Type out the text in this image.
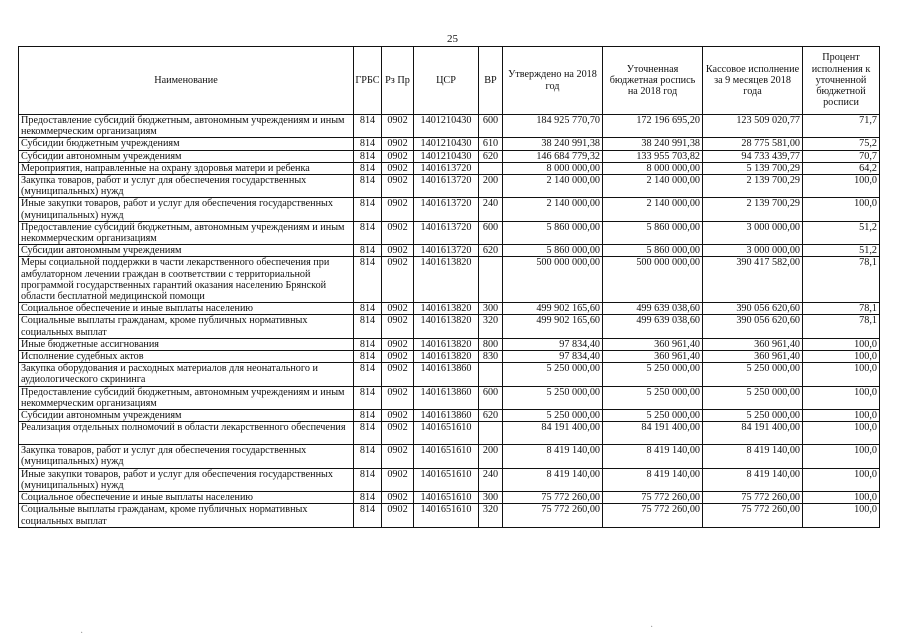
25
Наименование	ГРБС	Рз Пр	ЦСР	ВР	Утверждено на 2018 год	Уточненная бюджетная роспись на 2018 год	Кассовое исполнение за 9 месяцев 2018 года	Процент исполнения к уточненной бюджетной росписи
Предоставление субсидий бюджетным, автономным учреждениям и иным некоммерческим организациям	814	0902	1401210430	600	184 925 770,70	172 196 695,20	123 509 020,77	71,7
Субсидии бюджетным учреждениям	814	0902	1401210430	610	38 240 991,38	38 240 991,38	28 775 581,00	75,2
Субсидии автономным учреждениям	814	0902	1401210430	620	146 684 779,32	133 955 703,82	94 733 439,77	70,7
Мероприятия, направленные на охрану здоровья матери и ребенка	814	0902	1401613720		8 000 000,00	8 000 000,00	5 139 700,29	64,2
Закупка товаров, работ и услуг для обеспечения государственных (муниципальных) нужд	814	0902	1401613720	200	2 140 000,00	2 140 000,00	2 139 700,29	100,0
Иные закупки товаров, работ и услуг для обеспечения государственных (муниципальных) нужд	814	0902	1401613720	240	2 140 000,00	2 140 000,00	2 139 700,29	100,0
Предоставление субсидий бюджетным, автономным учреждениям и иным некоммерческим организациям	814	0902	1401613720	600	5 860 000,00	5 860 000,00	3 000 000,00	51,2
Субсидии автономным учреждениям	814	0902	1401613720	620	5 860 000,00	5 860 000,00	3 000 000,00	51,2
Меры социальной поддержки в части лекарственного обеспечения при амбулаторном лечении граждан в соответствии с территориальной программой государственных гарантий оказания населению Брянской области бесплатной медицинской помощи	814	0902	1401613820		500 000 000,00	500 000 000,00	390 417 582,00	78,1
Социальное обеспечение и иные выплаты населению	814	0902	1401613820	300	499 902 165,60	499 639 038,60	390 056 620,60	78,1
Социальные выплаты гражданам, кроме публичных нормативных социальных выплат	814	0902	1401613820	320	499 902 165,60	499 639 038,60	390 056 620,60	78,1
Иные бюджетные ассигнования	814	0902	1401613820	800	97 834,40	360 961,40	360 961,40	100,0
Исполнение судебных актов	814	0902	1401613820	830	97 834,40	360 961,40	360 961,40	100,0
Закупка оборудования и расходных материалов для неонатального и аудиологического скрининга	814	0902	1401613860		5 250 000,00	5 250 000,00	5 250 000,00	100,0
Предоставление субсидий бюджетным, автономным учреждениям и иным некоммерческим организациям	814	0902	1401613860	600	5 250 000,00	5 250 000,00	5 250 000,00	100,0
Субсидии автономным учреждениям	814	0902	1401613860	620	5 250 000,00	5 250 000,00	5 250 000,00	100,0
Реализация отдельных полномочий в области лекарственного обеспечения	814	0902	1401651610		84 191 400,00	84 191 400,00	84 191 400,00	100,0
Закупка товаров, работ и услуг для обеспечения государственных (муниципальных) нужд	814	0902	1401651610	200	8 419 140,00	8 419 140,00	8 419 140,00	100,0
Иные закупки товаров, работ и услуг для обеспечения государственных (муниципальных) нужд	814	0902	1401651610	240	8 419 140,00	8 419 140,00	8 419 140,00	100,0
Социальное обеспечение и иные выплаты населению	814	0902	1401651610	300	75 772 260,00	75 772 260,00	75 772 260,00	100,0
Социальные выплаты гражданам, кроме публичных нормативных социальных выплат	814	0902	1401651610	320	75 772 260,00	75 772 260,00	75 772 260,00	100,0
·
·
